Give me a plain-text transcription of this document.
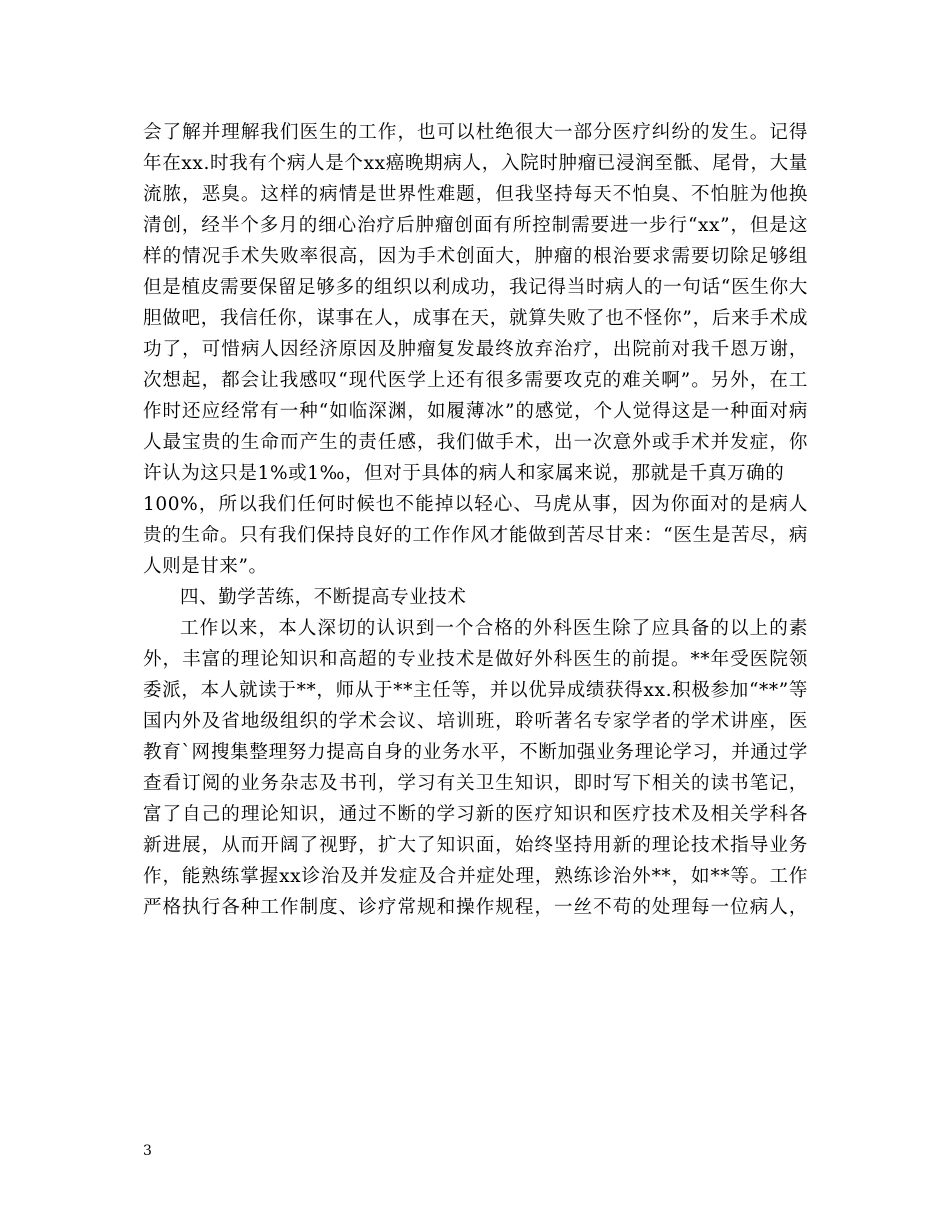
会了解并理解我们医生的工作，也可以杜绝很大一部分医疗纠纷的发生。记得
年在xx.时我有个病人是个xx癌晚期病人，入院时肿瘤已浸润至骶、尾骨，大量
流脓，恶臭。这样的病情是世界性难题，但我坚持每天不怕臭、不怕脏为他换
清创，经半个多月的细心治疗后肿瘤创面有所控制需要进一步行“xx”，但是这
样的情况手术失败率很高，因为手术创面大，肿瘤的根治要求需要切除足够组
但是植皮需要保留足够多的组织以利成功，我记得当时病人的一句话“医生你大
胆做吧，我信任你，谋事在人，成事在天，就算失败了也不怪你”，后来手术成
功了，可惜病人因经济原因及肿瘤复发最终放弃治疗，出院前对我千恩万谢，
次想起，都会让我感叹“现代医学上还有很多需要攻克的难关啊”。另外，在工
作时还应经常有一种“如临深渊，如履薄冰”的感觉，个人觉得这是一种面对病
人最宝贵的生命而产生的责任感，我们做手术，出一次意外或手术并发症，你
许认为这只是1%或1‰，但对于具体的病人和家属来说，那就是千真万确的
100%，所以我们任何时候也不能掉以轻心、马虎从事，因为你面对的是病人
贵的生命。只有我们保持良好的工作作风才能做到苦尽甘来：“医生是苦尽，病
人则是甘来”。
四、勤学苦练，不断提高专业技术
工作以来，本人深切的认识到一个合格的外科医生除了应具备的以上的素
外，丰富的理论知识和高超的专业技术是做好外科医生的前提。**年受医院领
委派，本人就读于**，师从于**主任等，并以优异成绩获得xx.积极参加“**”等
国内外及省地级组织的学术会议、培训班，聆听著名专家学者的学术讲座，医
教育`网搜集整理努力提高自身的业务水平，不断加强业务理论学习，并通过学
查看订阅的业务杂志及书刊，学习有关卫生知识，即时写下相关的读书笔记，
富了自己的理论知识，通过不断的学习新的医疗知识和医疗技术及相关学科各
新进展，从而开阔了视野，扩大了知识面，始终坚持用新的理论技术指导业务
作，能熟练掌握xx诊治及并发症及合并症处理，熟练诊治外**，如**等。工作
严格执行各种工作制度、诊疗常规和操作规程，一丝不苟的处理每一位病人，
3
